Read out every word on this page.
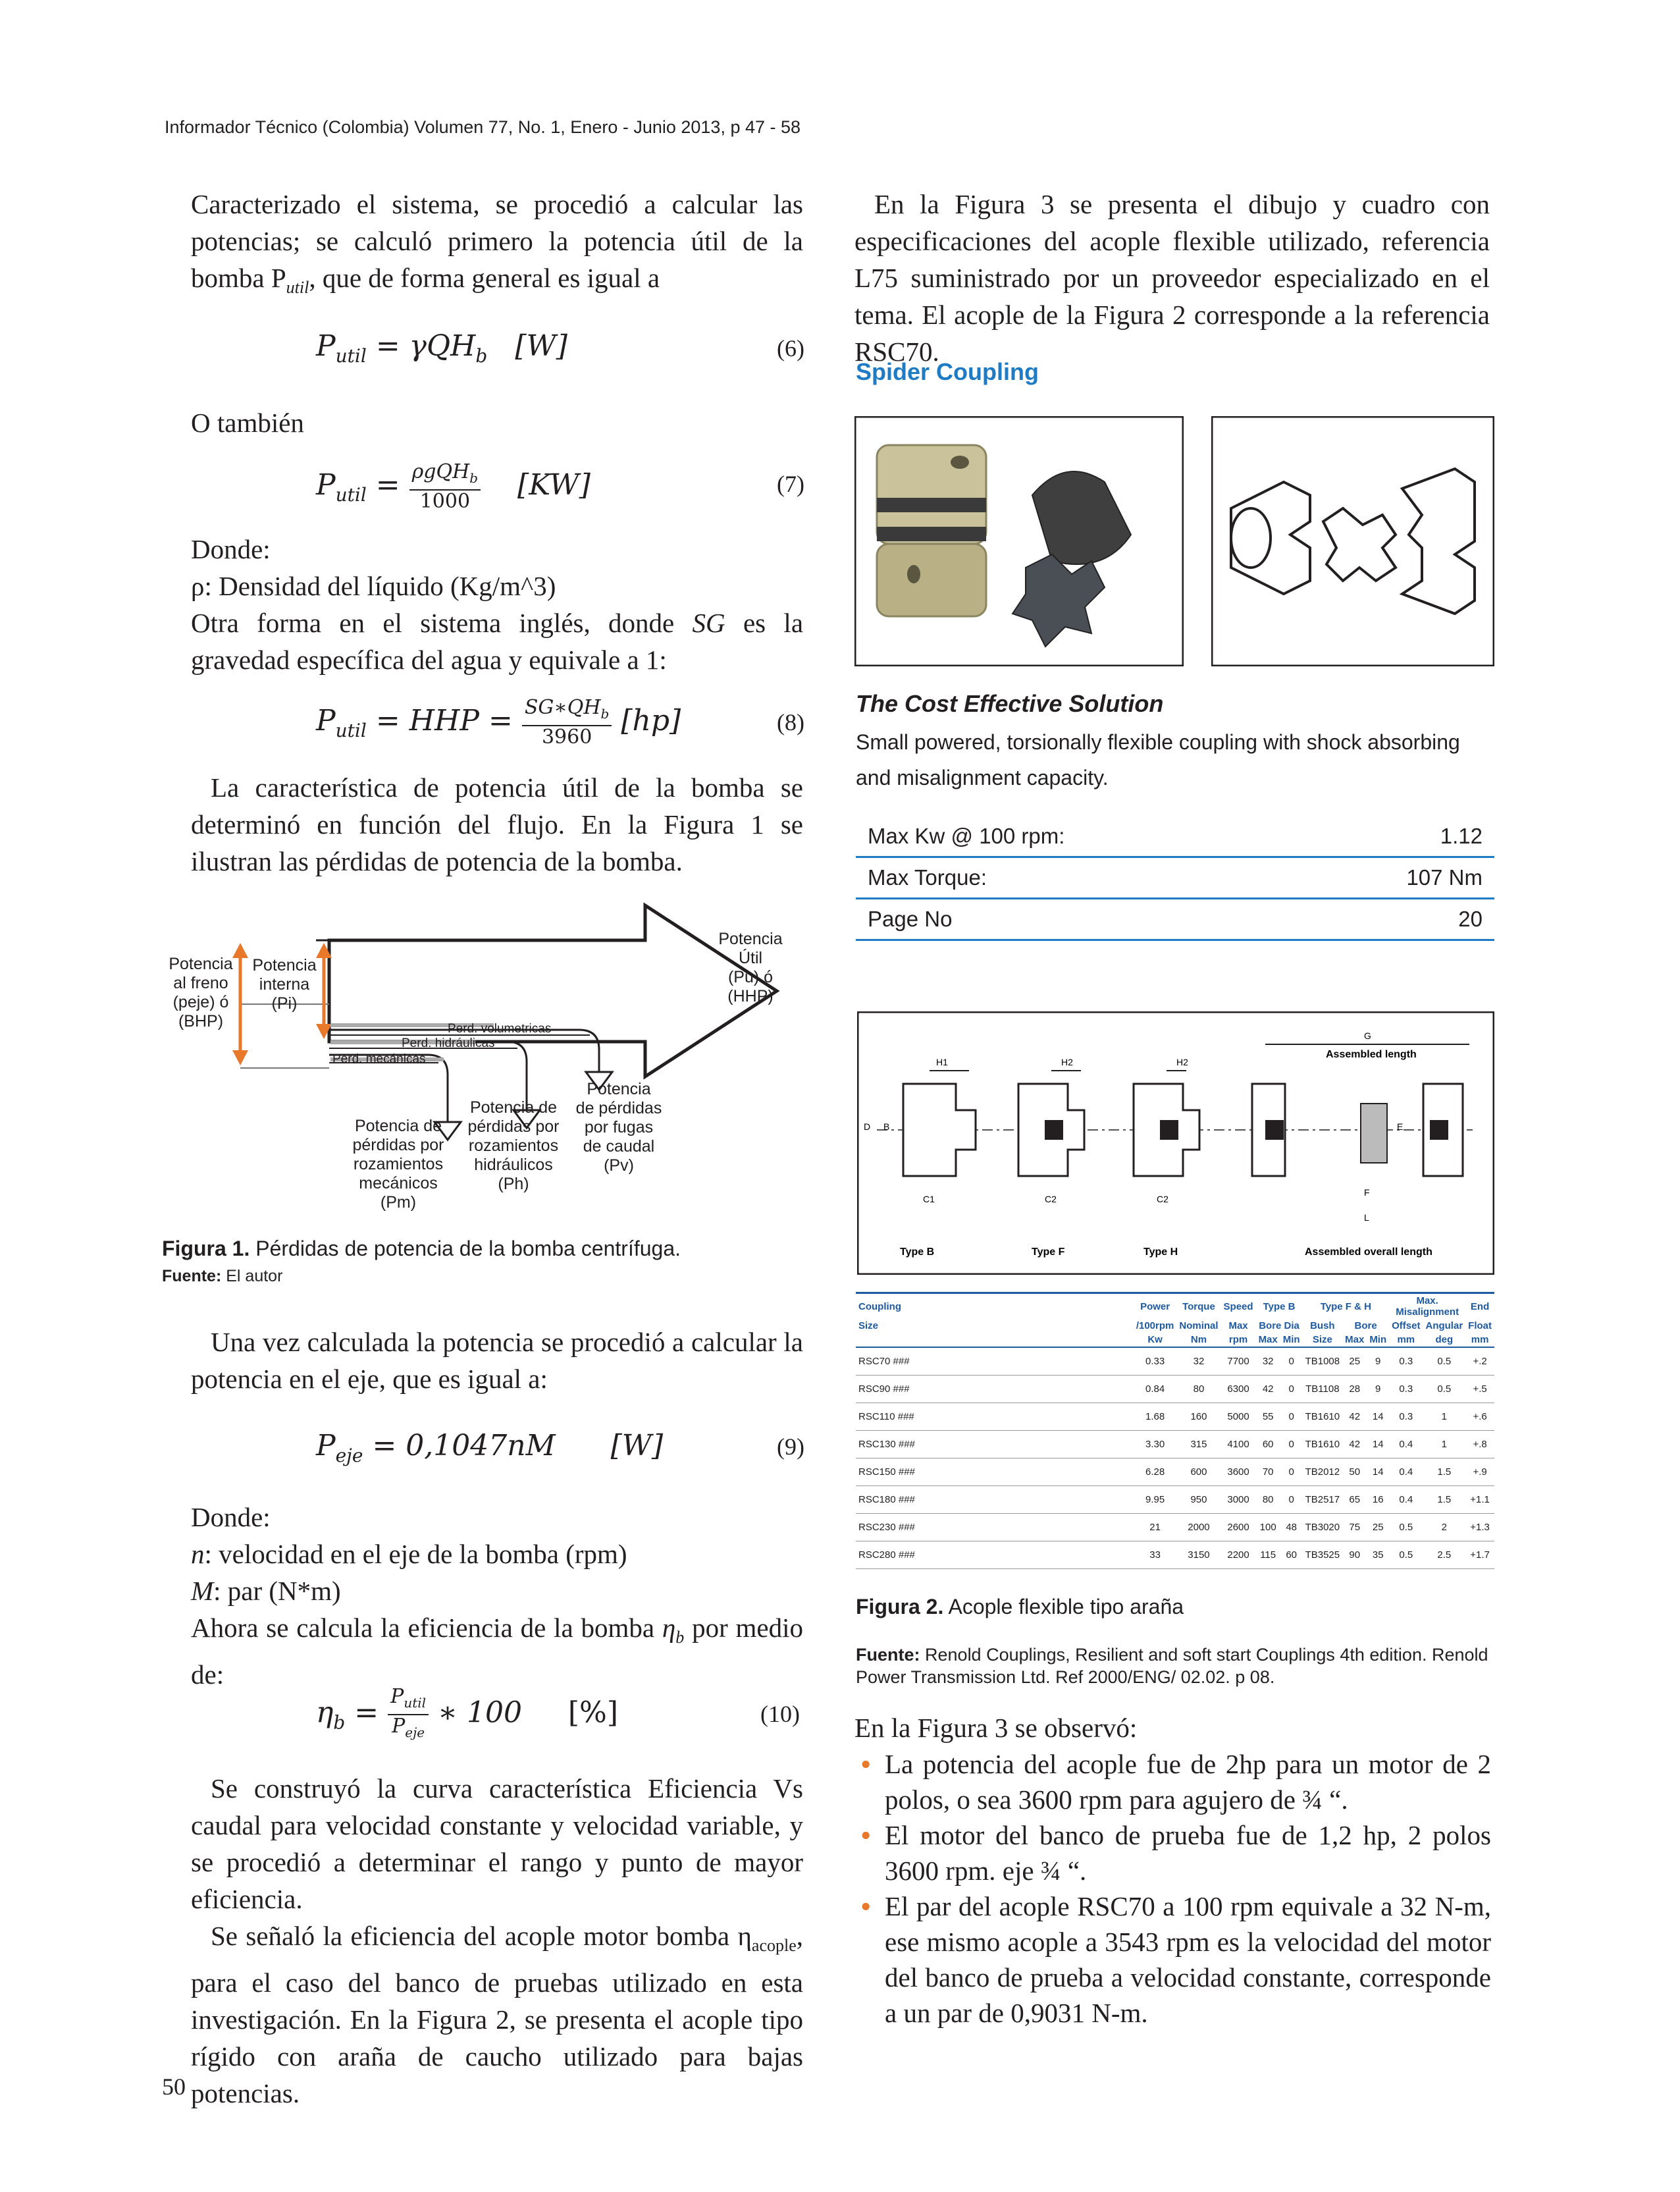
Informador Técnico (Colombia) Volumen 77, No. 1, Enero - Junio 2013, p 47 - 58

Caracterizado el sistema, se procedió a calcular las potencias; se calculó primero la potencia útil de la bomba $P_{util}$, que de forma general es igual a

$P_{util} = \gamma QH_b$ [W]	(6)
O también
$P_{util} = \frac{\rho gQH_b}{1000} [KW]$	(7)
Donde:
ρ: Densidad del líquido (Kg/m^3)
Otra forma en el sistema inglés, donde SG es la gravedad específica del agua y equivale a 1:
$P_{util}$ = HHP = $\frac{SG∗QH_b}{3960} [hp]$	(8)

La característica de potencia útil de la bomba se determinó en función del flujo. En la Figura 1 se ilustran las pérdidas de potencia de la bomba.

Potencia
al freno
(peje) ó
(BHP)
Potencia
interna
(Pi)
Potencia
Útil
(Pu) ó
(HHP)
Perd. volumetricas
Perd. hidráulicas
Perd. mecánicas
Potencia de
pérdidas por
rozamientos
mecánicos
(Pm)
Potencia de
pérdidas por
rozamientos
hidráulicos
(Ph)
Potencia
de pérdidas
por fugas
de caudal
(Pv)
Figura 1. Pérdidas de potencia de la bomba centrífuga.
Fuente: El autor

Una vez calculada la potencia se procedió a calcular la potencia en el eje, que es igual a:

$P_{eje} = 0,1047nM$ [W]	(9)
Donde:
n: velocidad en el eje de la bomba (rpm)
M: par (N*m)
Ahora se calcula la eficiencia de la bomba $\eta_b$ por medio de:
$\eta_b = \frac{P_{util}}{P_{eje}}$ ∗ 100 [%]	(10)

Se construyó la curva característica Eficiencia Vs caudal para velocidad constante y velocidad variable, y se procedió a determinar el rango y punto de mayor eficiencia.

Se señaló la eficiencia del acople motor bomba $\eta_{acople}$, para el caso del banco de pruebas utilizado en esta investigación. En la Figura 2, se presenta el acople tipo rígido con araña de caucho utilizado para bajas potencias.

50

En la Figura 3 se presenta el dibujo y cuadro con especificaciones del acople flexible utilizado, referencia L75 suministrado por un proveedor especializado en el tema. El acople de la Figura 2 corresponde a la referencia RSC70.

Spider Coupling
The Cost Effective Solution
Small powered, torsionally flexible coupling with shock absorbing and misalignment capacity.
Max Kw @ 100 rpm:	1.12
Max Torque:	107 Nm
Page No	20
H1	H2	H2
G
Assembled length
D B	E
F
L
C1	C2	C2
Type B	Type F	Type H	Assembled overall length
Coupling	Power	Torque	Speed	Type B		Type F & H			Max. Misalignment		End
Size	/100rpm	Nominal	Max	Bore Dia		Bush	Bore		Offset	Angular	Float
	Kw	Nm	rpm	Max	Min	Size	Max	Min	mm	deg	mm
RSC70 ###	0.33	32	7700	32	0	TB1008	25	9	0.3	0.5	+.2
RSC90 ###	0.84	80	6300	42	0	TB1108	28	9	0.3	0.5	+.5
RSC110 ###	1.68	160	5000	55	0	TB1610	42	14	0.3	1	+.6
RSC130 ###	3.30	315	4100	60	0	TB1610	42	14	0.4	1	+.8
RSC150 ###	6.28	600	3600	70	0	TB2012	50	14	0.4	1.5	+.9
RSC180 ###	9.95	950	3000	80	0	TB2517	65	16	0.4	1.5	+1.1
RSC230 ###	21	2000	2600	100	48	TB3020	75	25	0.5	2	+1.3
RSC280 ###	33	3150	2200	115	60	TB3525	90	35	0.5	2.5	+1.7
Figura 2. Acople flexible tipo araña
Fuente: Renold Couplings, Resilient and soft start Couplings 4th edition. Renold Power Transmission Ltd. Ref 2000/ENG/ 02.02. p 08.
En la Figura 3 se observó:
• La potencia del acople fue de 2hp para un motor de 2 polos, o sea 3600 rpm para agujero de ¾ “.
• El motor del banco de prueba fue de 1,2 hp, 2 polos 3600 rpm. eje ¾ “.
• El par del acople RSC70 a 100 rpm equivale a 32 N-m, ese mismo acople a 3543 rpm es la velocidad del motor del banco de prueba a velocidad constante, corresponde a un par de 0,9031 N-m.
